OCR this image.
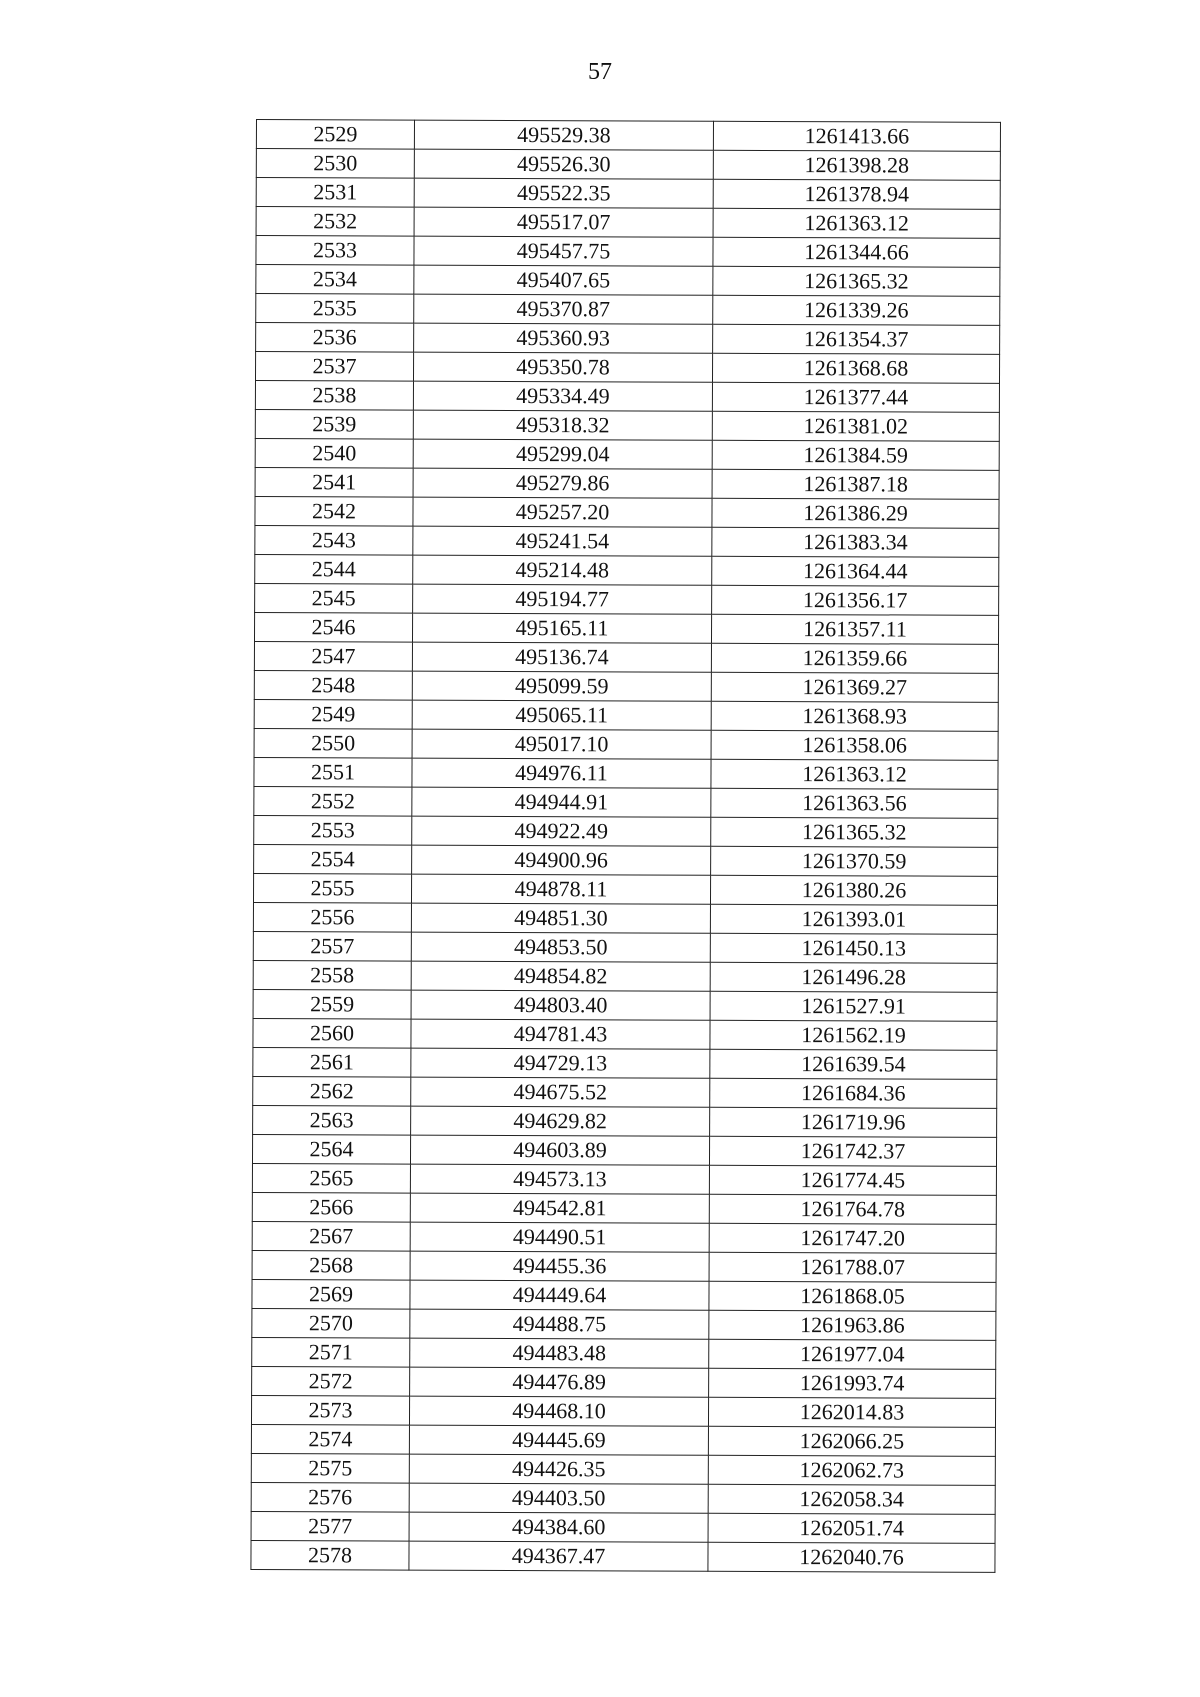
57
2529	495529.38	1261413.66
2530	495526.30	1261398.28
2531	495522.35	1261378.94
2532	495517.07	1261363.12
2533	495457.75	1261344.66
2534	495407.65	1261365.32
2535	495370.87	1261339.26
2536	495360.93	1261354.37
2537	495350.78	1261368.68
2538	495334.49	1261377.44
2539	495318.32	1261381.02
2540	495299.04	1261384.59
2541	495279.86	1261387.18
2542	495257.20	1261386.29
2543	495241.54	1261383.34
2544	495214.48	1261364.44
2545	495194.77	1261356.17
2546	495165.11	1261357.11
2547	495136.74	1261359.66
2548	495099.59	1261369.27
2549	495065.11	1261368.93
2550	495017.10	1261358.06
2551	494976.11	1261363.12
2552	494944.91	1261363.56
2553	494922.49	1261365.32
2554	494900.96	1261370.59
2555	494878.11	1261380.26
2556	494851.30	1261393.01
2557	494853.50	1261450.13
2558	494854.82	1261496.28
2559	494803.40	1261527.91
2560	494781.43	1261562.19
2561	494729.13	1261639.54
2562	494675.52	1261684.36
2563	494629.82	1261719.96
2564	494603.89	1261742.37
2565	494573.13	1261774.45
2566	494542.81	1261764.78
2567	494490.51	1261747.20
2568	494455.36	1261788.07
2569	494449.64	1261868.05
2570	494488.75	1261963.86
2571	494483.48	1261977.04
2572	494476.89	1261993.74
2573	494468.10	1262014.83
2574	494445.69	1262066.25
2575	494426.35	1262062.73
2576	494403.50	1262058.34
2577	494384.60	1262051.74
2578	494367.47	1262040.76
